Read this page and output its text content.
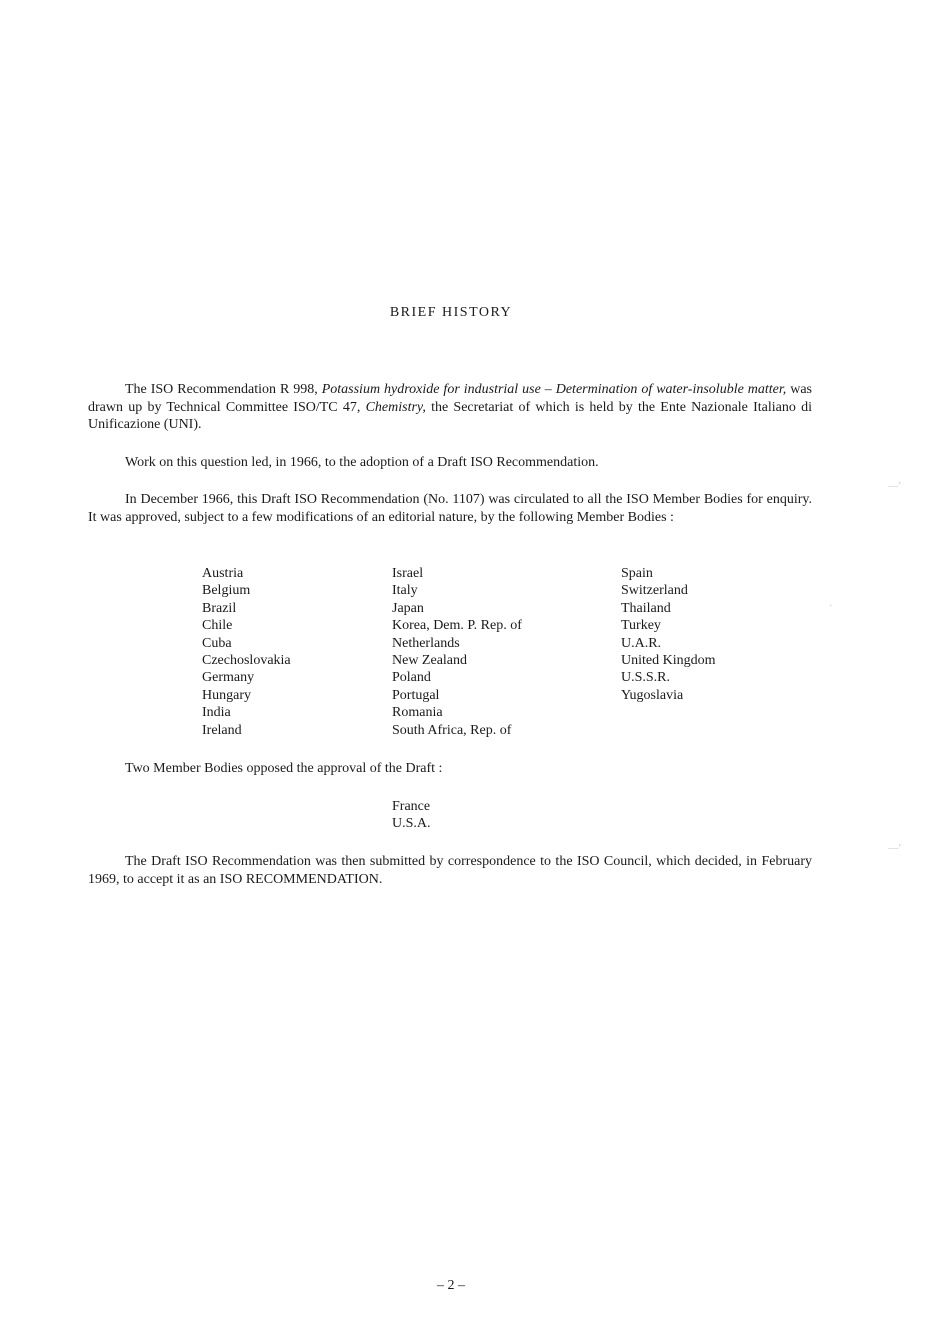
BRIEF HISTORY

The ISO Recommendation R 998, Potassium hydroxide for industrial use – Determination of water-insoluble matter, was drawn up by Technical Committee ISO/TC 47, Chemistry, the Secretariat of which is held by the Ente Nazionale Italiano di Unificazione (UNI).

Work on this question led, in 1966, to the adoption of a Draft ISO Recommendation.

In December 1966, this Draft ISO Recommendation (No. 1107) was circulated to all the ISO Member Bodies for enquiry. It was approved, subject to a few modifications of an editorial nature, by the following Member Bodies :

Austria
Belgium
Brazil
Chile
Cuba
Czechoslovakia
Germany
Hungary
India
Ireland
Israel
Italy
Japan
Korea, Dem. P. Rep. of
Netherlands
New Zealand
Poland
Portugal
Romania
South Africa, Rep. of
Spain
Switzerland
Thailand
Turkey
U.A.R.
United Kingdom
U.S.S.R.
Yugoslavia

Two Member Bodies opposed the approval of the Draft :

France
U.S.A.

The Draft ISO Recommendation was then submitted by correspondence to the ISO Council, which decided, in February 1969, to accept it as an ISO RECOMMENDATION.

– 2 –
—’
—’
·
